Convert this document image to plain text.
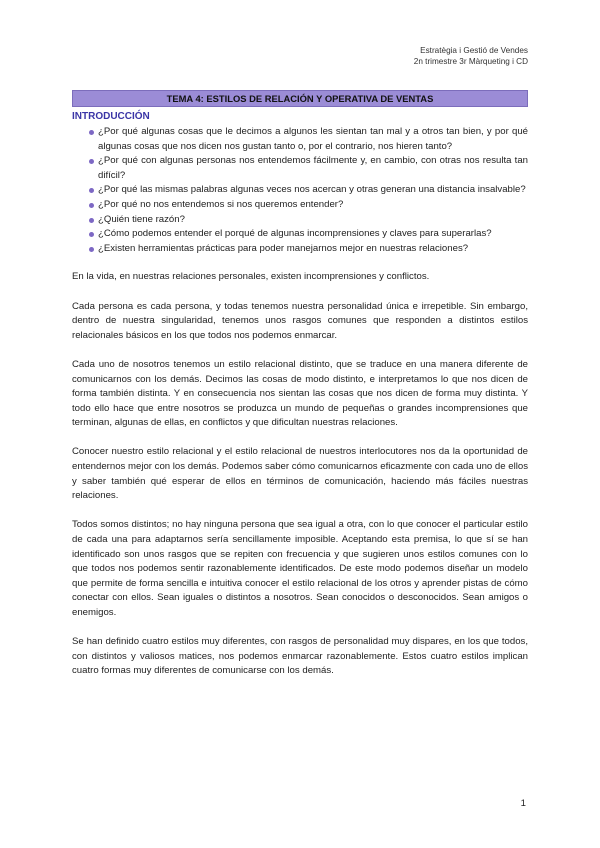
Estratègia i Gestió de Vendes
2n trimestre 3r Màrqueting i CD
TEMA 4: ESTILOS DE RELACIÓN Y OPERATIVA DE VENTAS
INTRODUCCIÓN
¿Por qué algunas cosas que le decimos a algunos les sientan tan mal y a otros tan bien, y por qué algunas cosas que nos dicen nos gustan tanto o, por el contrario, nos hieren tanto?
¿Por qué con algunas personas nos entendemos fácilmente y, en cambio, con otras nos resulta tan difícil?
¿Por qué las mismas palabras algunas veces nos acercan y otras generan una distancia insalvable?
¿Por qué no nos entendemos si nos queremos entender?
¿Quién tiene razón?
¿Cómo podemos entender el porqué de algunas incomprensiones y claves para superarlas?
¿Existen herramientas prácticas para poder manejarnos mejor en nuestras relaciones?

En la vida, en nuestras relaciones personales, existen incomprensiones y conflictos.

Cada persona es cada persona, y todas tenemos nuestra personalidad única e irrepetible. Sin embargo, dentro de nuestra singularidad, tenemos unos rasgos comunes que responden a distintos estilos relacionales básicos en los que todos nos podemos enmarcar.

Cada uno de nosotros tenemos un estilo relacional distinto, que se traduce en una manera diferente de comunicarnos con los demás. Decimos las cosas de modo distinto, e interpretamos lo que nos dicen de forma también distinta. Y en consecuencia nos sientan las cosas que nos dicen de forma muy distinta. Y todo ello hace que entre nosotros se produzca un mundo de pequeñas o grandes incomprensiones que terminan, algunas de ellas, en conflictos y que dificultan nuestras relaciones.

Conocer nuestro estilo relacional y el estilo relacional de nuestros interlocutores nos da la oportunidad de entendernos mejor con los demás. Podemos saber cómo comunicarnos eficazmente con cada uno de ellos y saber también qué esperar de ellos en términos de comunicación, haciendo más fáciles nuestras relaciones.

Todos somos distintos; no hay ninguna persona que sea igual a otra, con lo que conocer el particular estilo de cada una para adaptarnos sería sencillamente imposible. Aceptando esta premisa, lo que sí se han identificado son unos rasgos que se repiten con frecuencia y que sugieren unos estilos comunes con lo que todos nos podemos sentir razonablemente identificados. De este modo podemos diseñar un modelo que permite de forma sencilla e intuitiva conocer el estilo relacional de los otros y aprender pistas de cómo conectar con ellos. Sean iguales o distintos a nosotros. Sean conocidos o desconocidos. Sean amigos o enemigos.

Se han definido cuatro estilos muy diferentes, con rasgos de personalidad muy dispares, en los que todos, con distintos y valiosos matices, nos podemos enmarcar razonablemente. Estos cuatro estilos implican cuatro formas muy diferentes de comunicarse con los demás.

1
